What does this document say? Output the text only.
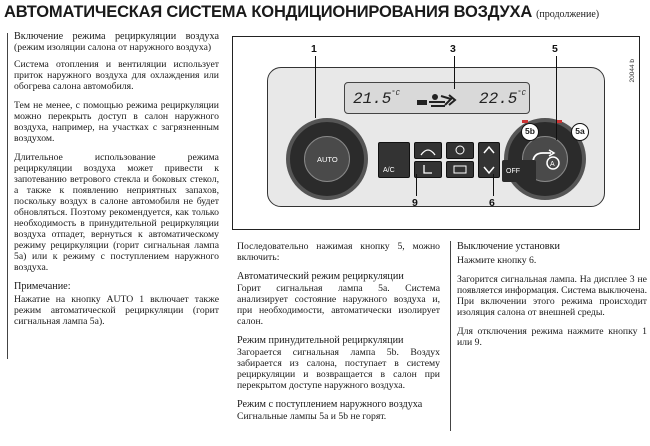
АВТОМАТИЧЕСКАЯ СИСТЕМА КОНДИЦИОНИРОВАНИЯ ВОЗДУХА (продолжение)

Включение режима рециркуляции воздуха (режим изоляции салона от наружного воздуха)

Система отопления и вентиляции использует приток наружного воздуха для охлаждения или обогрева салона автомобиля.

Тем не менее, с помощью режима рециркуляции можно перекрыть доступ в салон наружного воздуха, например, на участках с загрязненным воздухом.

Длительное использование режима рециркуляции воздуха может привести к запотеванию ветрового стекла и боковых стекол, а также к появлению неприятных запахов, поскольку воздух в салоне автомобиля не будет обновляться. Поэтому рекомендуется, как только необходимость в принудительной рециркуляции воздуха отпадет, вернуться к автоматическому режиму рециркуляции (горит сигнальная лампа 5a) или к режиму с поступлением наружного воздуха.

Примечание:

Нажатие на кнопку AUTO 1 включает также режим автоматической рециркуляции (горит сигнальная лампа 5a).

20044 b
$21.5^{^\circ C}$	$22.5^{^\circ C}$
AUTO
A
A/C	OFF
1	3	5
5b	5a
9	6

Последовательно нажимая кнопку 5, можно включить:

Автоматический режим рециркуляции

Горит сигнальная лампа 5a. Система анализирует состояние наружного воздуха и, при необходимости, автоматически изолирует салон.

Режим принудительной рециркуляции

Загорается сигнальная лампа 5b. Воздух забирается из салона, поступает в систему рециркуляции и возвращается в салон при перекрытом доступе наружного воздуха.

Режим с поступлением наружного воздуха

Сигнальные лампы 5a и 5b не горят.

Выключение установки

Нажмите кнопку 6.

Загорится сигнальная лампа. На дисплее 3 не появляется информация. Система выключена. При включении этого режима происходит изоляция салона от внешней среды.

Для отключения режима нажмите кнопку 1 или 9.
